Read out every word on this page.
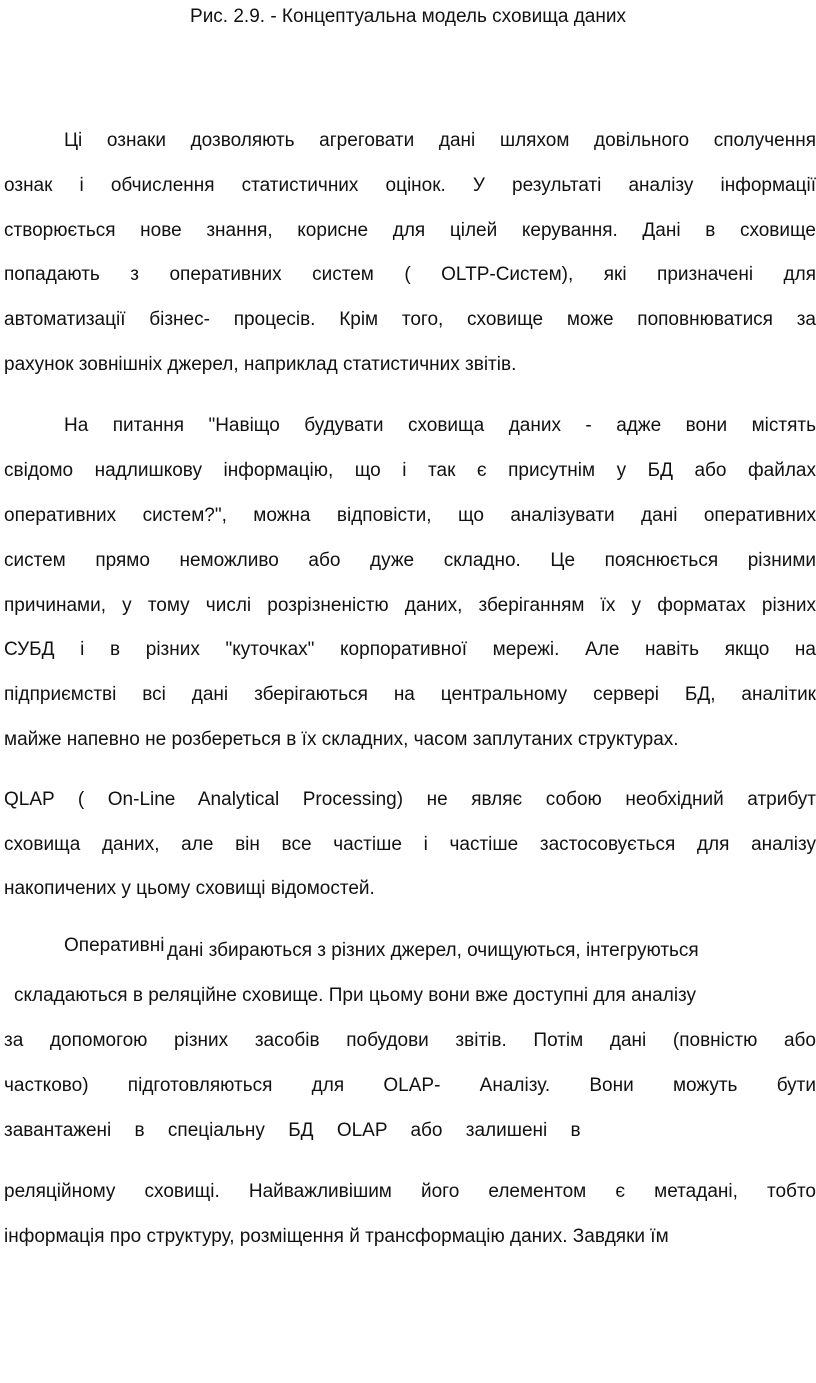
Рис. 2.9. - Концептуальна модель сховища даних
Ці ознаки дозволяють агреговати дані шляхом довільного сполучення
ознак і обчислення статистичних оцінок. У результаті аналізу інформації
створюється нове знання, корисне для цілей керування. Дані в сховище
попадають з оперативних систем ( OLTP-Систем), які призначені для
автоматизації бізнес- процесів. Крім того, сховище може поповнюватися за
рахунок зовнішніх джерел, наприклад статистичних звітів.
На питання "Навіщо будувати сховища даних - адже вони містять
свідомо надлишкову інформацію, що і так є присутнім у БД або файлах
оперативних систем?", можна відповісти, що аналізувати дані оперативних
систем прямо неможливо або дуже складно. Це пояснюється різними
причинами, у тому числі розрізненістю даних, зберіганням їх у форматах різних
СУБД і в різних "куточках" корпоративної мережі. Але навіть якщо на
підприємстві всі дані зберігаються на центральному сервері БД, аналітик
майже напевно не розбереться в їх складних, часом заплутаних структурах.
QLAP ( On-Line Analytical Processing) не являє собою необхідний атрибут
сховища даних, але він все частіше і частіше застосовується для аналізу
накопичених у цьому сховищі відомостей.
Оперативні дані збираються з різних джерел, очищуються, інтегруються
складаються в реляційне сховище. При цьому вони вже доступні для аналізу
за допомогою різних засобів побудови звітів. Потім дані (повністю або
частково) підготовляються для OLAP- Аналізу. Вони можуть бути
завантажені в спеціальну БД OLAP або залишені в
реляційному сховищі. Найважливішим його елементом є метадані, тобто
інформація про структуру, розміщення й трансформацію даних. Завдяки їм
